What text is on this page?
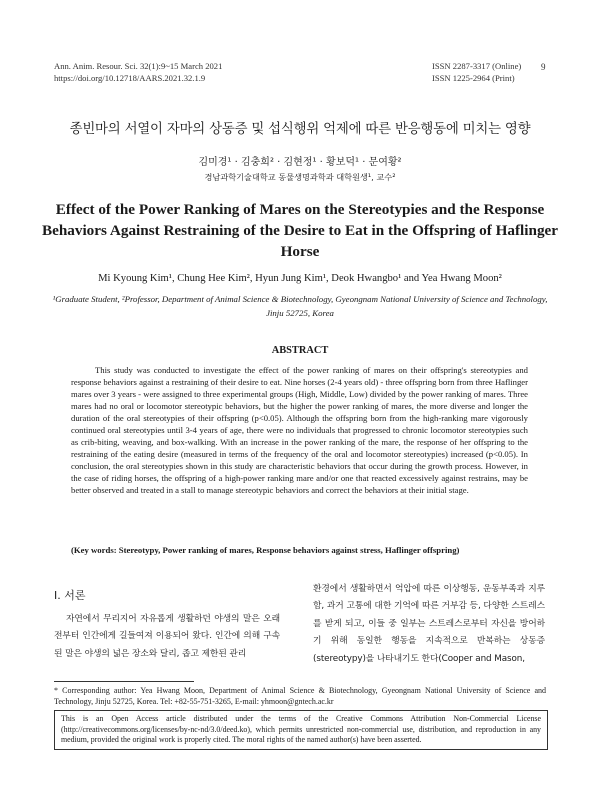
Ann. Anim. Resour. Sci. 32(1):9~15 March 2021
https://doi.org/10.12718/AARS.2021.32.1.9
ISSN 2287-3317 (Online)
ISSN 1225-2964 (Print)
9
종빈마의 서열이 자마의 상동증 및 섭식행위 억제에 따른 반응행동에 미치는 영향
김미경¹ · 김충희² · 김현정¹ · 황보덕¹ · 문여황²
경남과학기술대학교 동물생명과학과 대학원생¹, 교수²
Effect of the Power Ranking of Mares on the Stereotypies and the Response Behaviors Against Restraining of the Desire to Eat in the Offspring of Haflinger Horse
Mi Kyoung Kim¹, Chung Hee Kim², Hyun Jung Kim¹, Deok Hwangbo¹ and Yea Hwang Moon²
¹Graduate Student, ²Professor, Department of Animal Science & Biotechnology, Gyeongnam National University of Science and Technology, Jinju 52725, Korea
ABSTRACT
This study was conducted to investigate the effect of the power ranking of mares on their offspring's stereotypies and response behaviors against a restraining of their desire to eat. Nine horses (2-4 years old) - three offspring born from three Haflinger mares over 3 years - were assigned to three experimental groups (High, Middle, Low) divided by the power ranking of mares. Three mares had no oral or locomotor stereotypic behaviors, but the higher the power ranking of mares, the more diverse and longer the duration of the oral stereotypies of their offspring (p<0.05). Although the offspring born from the high-ranking mare vigorously continued oral stereotypies until 3-4 years of age, there were no individuals that progressed to chronic locomotor stereotypies such as crib-biting, weaving, and box-walking. With an increase in the power ranking of the mare, the response of her offspring to the restraining of the eating desire (measured in terms of the frequency of the oral and locomotor stereotypies) increased (p<0.05). In conclusion, the oral stereotypies shown in this study are characteristic behaviors that occur during the growth process. However, in the case of riding horses, the offspring of a high-power ranking mare and/or one that reacted excessively against restrains, may be better observed and treated in a stall to manage stereotypic behaviors and correct the behaviors at their initial stage.
(Key words: Stereotypy, Power ranking of mares, Response behaviors against stress, Haflinger offspring)
Ⅰ. 서론
자연에서 무리지어 자유롭게 생활하던 야생의 말은 오래전부터 인간에게 길들여져 이용되어 왔다. 인간에 의해 구속된 말은 야생의 넓은 장소와 달리, 좁고 제한된 관리
환경에서 생활하면서 억압에 따른 이상행동, 운동부족과 지루함, 과거 고통에 대한 기억에 따른 거부감 등, 다양한 스트레스를 받게 되고, 이들 중 일부는 스트레스로부터 자신을 방어하기 위해 동일한 행동을 지속적으로 반복하는 상동증(stereotypy)을 나타내기도 한다(Cooper and Mason,
* Corresponding author: Yea Hwang Moon, Department of Animal Science & Biotechnology, Gyeongnam National University of Science and Technology, Jinju 52725, Korea. Tel: +82-55-751-3265, E-mail: yhmoon@gntech.ac.kr
This is an Open Access article distributed under the terms of the Creative Commons Attribution Non-Commercial License (http://creativecommons.org/licenses/by-nc-nd/3.0/deed.ko), which permits unrestricted non-commercial use, distribution, and reproduction in any medium, provided the original work is properly cited. The moral rights of the named author(s) have been asserted.
